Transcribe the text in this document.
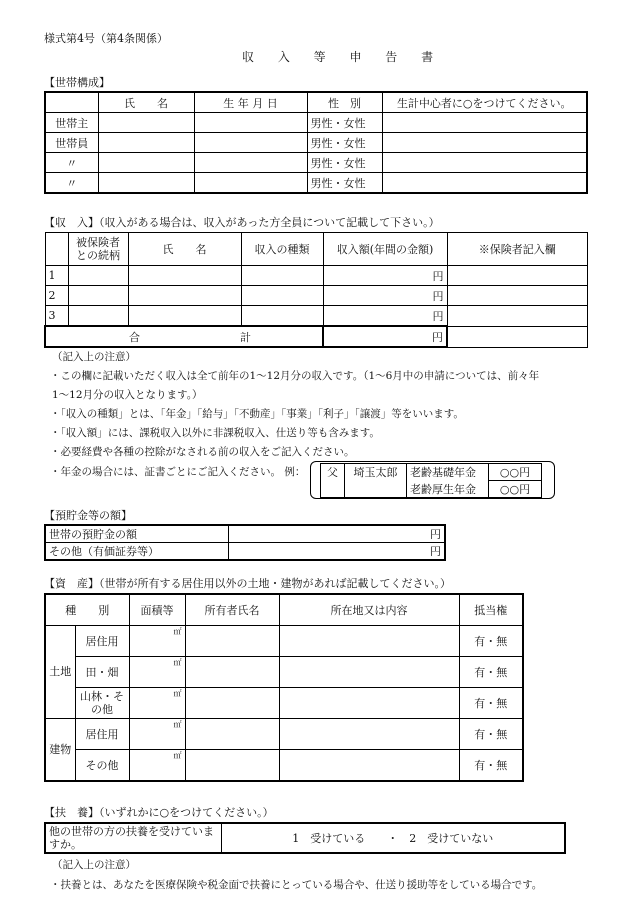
様式第4号（第4条関係）
収 入 等 申 告 書
【世帯構成】
	氏　　名	生 年 月 日	性　別	生計中心者に○をつけてください。
世帯主			男性・女性	
世帯員			男性・女性	
〃			男性・女性	
〃			男性・女性	
【収　入】（収入がある場合は、収入があった方全員について記載して下さい。）
	被保険者との続柄	氏　　名	収入の種類	収入額(年間の金額)	※保険者記入欄
1				円	
2				円	
3				円	
合 計				円	
（記入上の注意）
・この欄に記載いただく収入は全て前年の1～12月分の収入です。（1～6月中の申請については、前々年
1～12月分の収入となります。）
・「収入の種類」とは、「年金」「給与」「不動産」「事業」「利子」「譲渡」等をいいます。
・「収入額」には、課税収入以外に非課税収入、仕送り等も含みます。
・必要経費や各種の控除がなされる前の収入をご記入ください。
・年金の場合には、証書ごとにご記入ください。 例： 父	埼玉太郎	老齢基礎年金	○○円
		老齢厚生年金	○○円
【預貯金等の額】
世帯の預貯金の額	円
その他（有価証券等）	円
【資　産】（世帯が所有する居住用以外の土地・建物があれば記載してください。）
種　　別		面積等	所有者氏名	所在地又は内容	抵当権
土地	居住用	㎡			有・無
	田・畑	㎡			有・無
	山林・その他	㎡			有・無
建物	居住用	㎡			有・無
	その他	㎡			有・無
【扶　養】（いずれかに○をつけてください。）
他の世帯の方の扶養を受けていますか。	1　受けている　　・　2　受けていない
（記入上の注意）
・扶養とは、あなたを医療保険や税金面で扶養にとっている場合や、仕送り援助等をしている場合です。
